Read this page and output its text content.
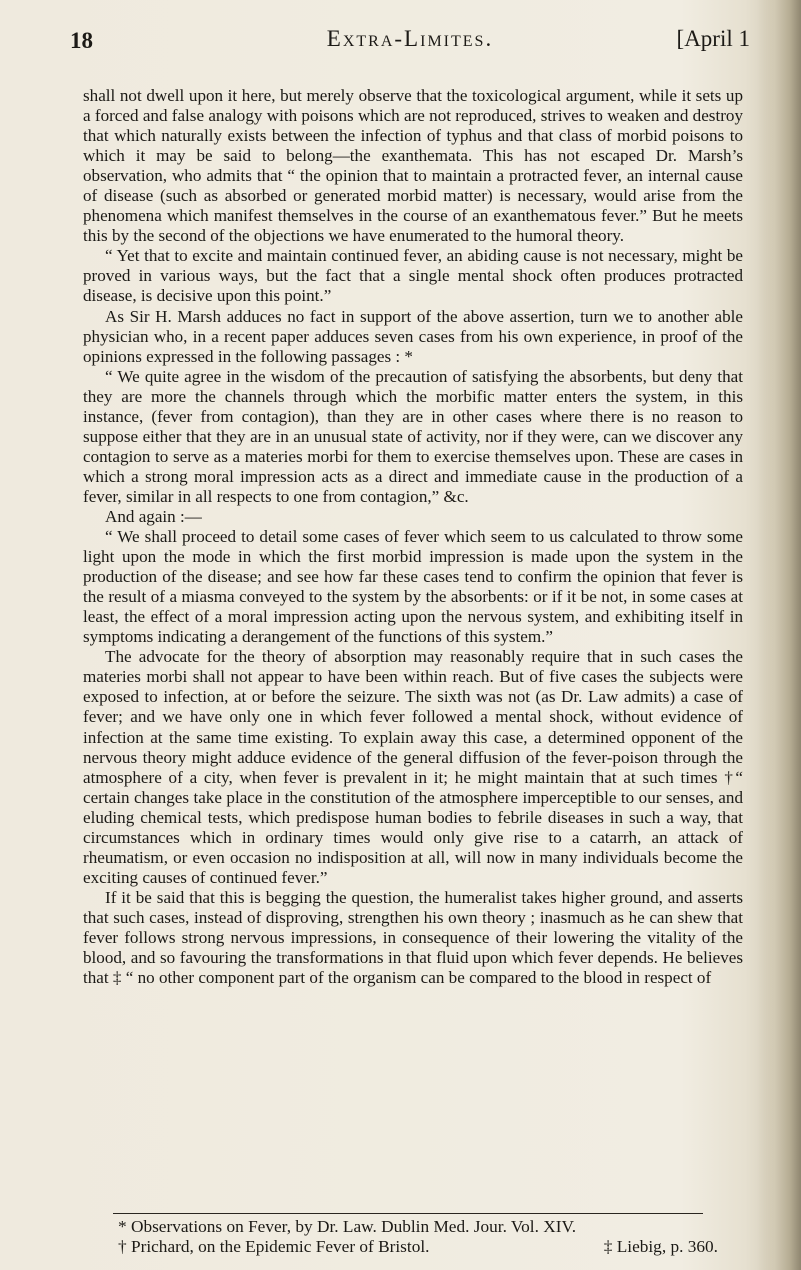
18	Extra-Limites.	[April 1

shall not dwell upon it here, but merely observe that the toxicological argument, while it sets up a forced and false analogy with poisons which are not reproduced, strives to weaken and destroy that which naturally exists between the infection of typhus and that class of morbid poisons to which it may be said to belong—the exanthemata. This has not escaped Dr. Marsh’s observation, who admits that “ the opinion that to maintain a protracted fever, an internal cause of disease (such as absorbed or generated morbid matter) is necessary, would arise from the phenomena which manifest themselves in the course of an exanthematous fever.” But he meets this by the second of the objections we have enumerated to the humoral theory.

“ Yet that to excite and maintain continued fever, an abiding cause is not necessary, might be proved in various ways, but the fact that a single mental shock often produces protracted disease, is decisive upon this point.”

As Sir H. Marsh adduces no fact in support of the above assertion, turn we to another able physician who, in a recent paper adduces seven cases from his own experience, in proof of the opinions expressed in the following passages : *

“ We quite agree in the wisdom of the precaution of satisfying the absorbents, but deny that they are more the channels through which the morbific matter enters the system, in this instance, (fever from contagion), than they are in other cases where there is no reason to suppose either that they are in an unusual state of activity, nor if they were, can we discover any contagion to serve as a materies morbi for them to exercise themselves upon. These are cases in which a strong moral impression acts as a direct and immediate cause in the production of a fever, similar in all respects to one from contagion,” &c.

And again :—

“ We shall proceed to detail some cases of fever which seem to us calculated to throw some light upon the mode in which the first morbid impression is made upon the system in the production of the disease; and see how far these cases tend to confirm the opinion that fever is the result of a miasma conveyed to the system by the absorbents: or if it be not, in some cases at least, the effect of a moral impression acting upon the nervous system, and exhibiting itself in symptoms indicating a derangement of the functions of this system.”

The advocate for the theory of absorption may reasonably require that in such cases the materies morbi shall not appear to have been within reach. But of five cases the subjects were exposed to infection, at or before the seizure. The sixth was not (as Dr. Law admits) a case of fever; and we have only one in which fever followed a mental shock, without evidence of infection at the same time existing. To explain away this case, a determined opponent of the nervous theory might adduce evidence of the general diffusion of the fever-poison through the atmosphere of a city, when fever is prevalent in it; he might maintain that at such times †“ certain changes take place in the constitution of the atmosphere imperceptible to our senses, and eluding chemical tests, which predispose human bodies to febrile diseases in such a way, that circumstances which in ordinary times would only give rise to a catarrh, an attack of rheumatism, or even occasion no indisposition at all, will now in many individuals become the exciting causes of continued fever.”

If it be said that this is begging the question, the humeralist takes higher ground, and asserts that such cases, instead of disproving, strengthen his own theory ; inasmuch as he can shew that fever follows strong nervous impressions, in consequence of their lowering the vitality of the blood, and so favouring the transformations in that fluid upon which fever depends. He believes that ‡ “ no other component part of the organism can be compared to the blood in respect of

* Observations on Fever, by Dr. Law. Dublin Med. Jour. Vol. XIV.
† Prichard, on the Epidemic Fever of Bristol.	‡ Liebig, p. 360.
